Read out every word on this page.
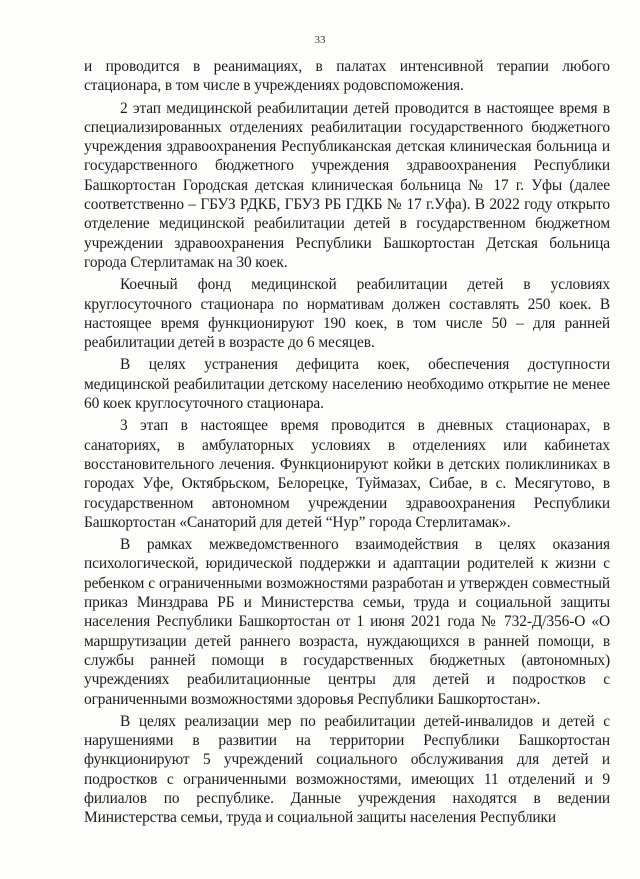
33

и проводится в реанимациях, в палатах интенсивной терапии любого стационара, в том числе в учреждениях родовспоможения.

2 этап медицинской реабилитации детей проводится в настоящее время в специализированных отделениях реабилитации государственного бюджетного учреждения здравоохранения Республиканская детская клиническая больница и государственного бюджетного учреждения здравоохранения Республики Башкортостан Городская детская клиническая больница № 17 г. Уфы (далее соответственно – ГБУЗ РДКБ, ГБУЗ РБ ГДКБ № 17 г.Уфа). В 2022 году открыто отделение медицинской реабилитации детей в государственном бюджетном учреждении здравоохранения Республики Башкортостан Детская больница города Стерлитамак на 30 коек.

Коечный фонд медицинской реабилитации детей в условиях круглосуточного стационара по нормативам должен составлять 250 коек. В настоящее время функционируют 190 коек, в том числе 50 – для ранней реабилитации детей в возрасте до 6 месяцев.

В целях устранения дефицита коек, обеспечения доступности медицинской реабилитации детскому населению необходимо открытие не менее 60 коек круглосуточного стационара.

3 этап в настоящее время проводится в дневных стационарах, в санаториях, в амбулаторных условиях в отделениях или кабинетах восстановительного лечения. Функционируют койки в детских поликлиниках в городах Уфе, Октябрьском, Белорецке, Туймазах, Сибае, в с. Месягутово, в государственном автономном учреждении здравоохранения Республики Башкортостан «Санаторий для детей “Нур” города Стерлитамак».

В рамках межведомственного взаимодействия в целях оказания психологической, юридической поддержки и адаптации родителей к жизни с ребенком с ограниченными возможностями разработан и утвержден совместный приказ Минздрава РБ и Министерства семьи, труда и социальной защиты населения Республики Башкортостан от 1 июня 2021 года № 732-Д/356-О «О маршрутизации детей раннего возраста, нуждающихся в ранней помощи, в службы ранней помощи в государственных бюджетных (автономных) учреждениях реабилитационные центры для детей и подростков с ограниченными возможностями здоровья Республики Башкортостан».

В целях реализации мер по реабилитации детей-инвалидов и детей с нарушениями в развитии на территории Республики Башкортостан функционируют 5 учреждений социального обслуживания для детей и подростков с ограниченными возможностями, имеющих 11 отделений и 9 филиалов по республике. Данные учреждения находятся в ведении Министерства семьи, труда и социальной защиты населения Республики
